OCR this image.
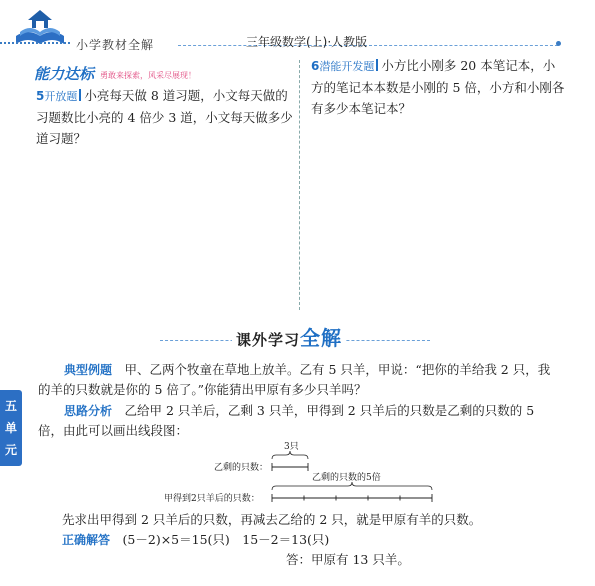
小学教材全解	三年级数学(上)·人教版
能力达标 勇敢来探索，风采尽展现！
5开放题 小亮每天做 8 道习题，小文每天做的习题数比小亮的 4 倍少 3 道，小文每天做多少道习题？
6潜能开发题 小方比小刚多 20 本笔记本，小方的笔记本本数是小刚的 5 倍，小方和小刚各有多少本笔记本？
课外学习全解
五
单
元
典型例题　 甲、乙两个牧童在草地上放羊。乙有 5 只羊，甲说：“把你的羊给我 2 只，我的羊的只数就是你的 5 倍了。”你能猜出甲原有多少只羊吗？
思路分析　 乙给甲 2 只羊后，乙剩 3 只羊，甲得到 2 只羊后的只数是乙剩的只数的 5 倍，由此可以画出线段图：
3只
乙剩的只数：
乙剩的只数的5倍
甲得到2只羊后的只数：
先求出甲得到 2 只羊后的只数，再减去乙给的 2 只，就是甲原有羊的只数。
正确解答　 (5－2)×5＝15(只)　15－2＝13(只)
答：甲原有 13 只羊。
